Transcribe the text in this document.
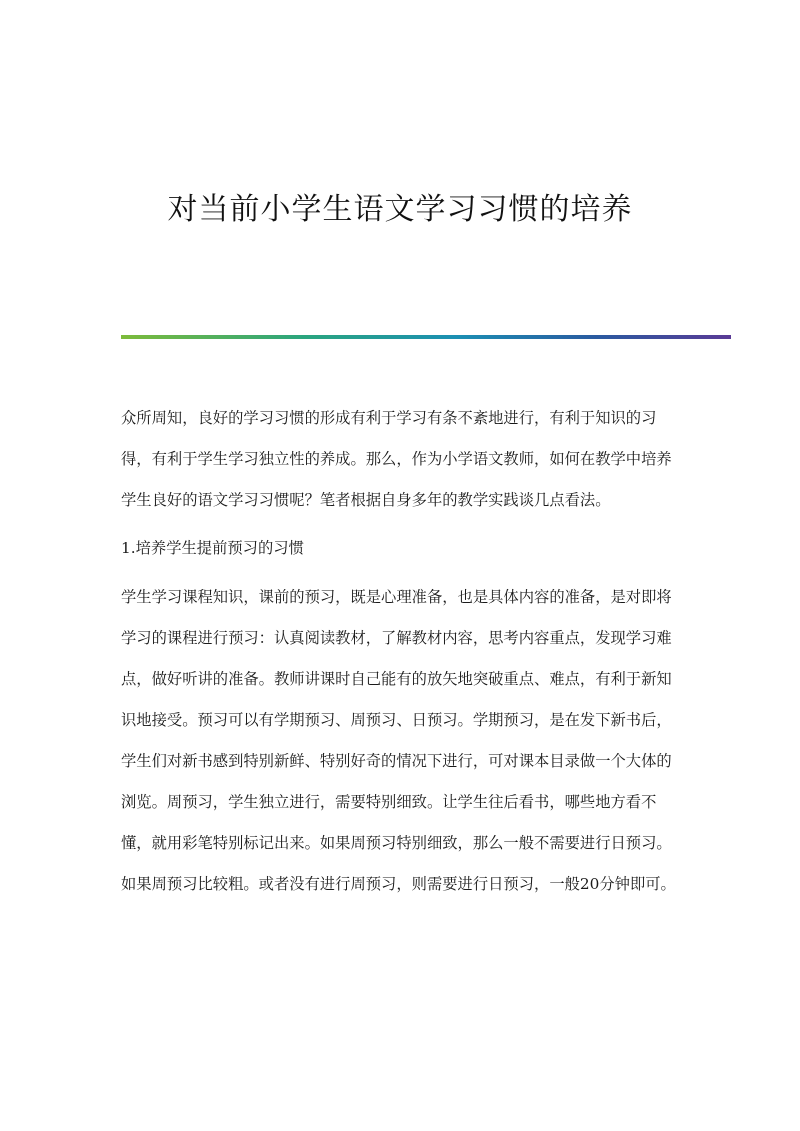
对当前小学生语文学习习惯的培养

众所周知，良好的学习习惯的形成有利于学习有条不紊地进行，有利于知识的习得，有利于学生学习独立性的养成。那么，作为小学语文教师，如何在教学中培养学生良好的语文学习习惯呢？笔者根据自身多年的教学实践谈几点看法。

1.培养学生提前预习的习惯

学生学习课程知识，课前的预习，既是心理准备，也是具体内容的准备，是对即将学习的课程进行预习：认真阅读教材，了解教材内容，思考内容重点，发现学习难点，做好听讲的准备。教师讲课时自己能有的放矢地突破重点、难点，有利于新知识地接受。预习可以有学期预习、周预习、日预习。学期预习，是在发下新书后，学生们对新书感到特别新鲜、特别好奇的情况下进行，可对课本目录做一个大体的浏览。周预习，学生独立进行，需要特别细致。让学生往后看书，哪些地方看不懂，就用彩笔特别标记出来。如果周预习特别细致，那么一般不需要进行日预习。如果周预习比较粗。或者没有进行周预习，则需要进行日预习，一般20分钟即可。
